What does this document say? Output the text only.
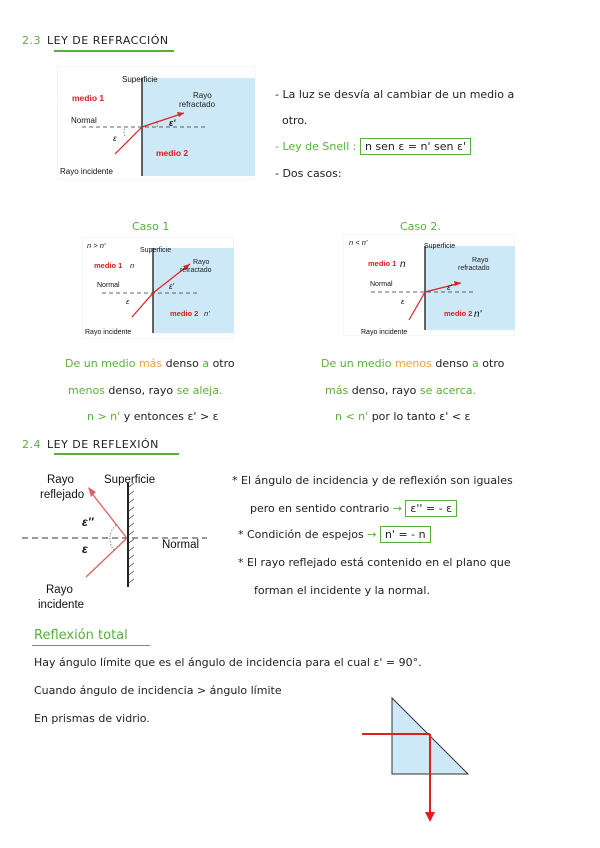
2.3 LEY DE REFRACCIÓN
Superficie
Rayo
refractado
medio 1
Normal
ε
ε'
medio 2
Rayo incidente
- La luz se desvía al cambiar de un medio a
otro.
- Ley de Snell : n sen ε = n' sen ε'
- Dos casos:
Caso 1
n > n'
Superficie
Rayo
refractado
medio 1 n
Normal
ε
ε'
medio 2 n'
Rayo incidente
De un medio más denso a otro
menos denso, rayo se aleja.
n > n' y entonces ε' > ε
Caso 2.
n < n'	Superficie
Rayo
refractado
medio 1 n
Normal
ε
ε'
medio 2 n'
Rayo incidente
De un medio menos denso a otro
más denso, rayo se acerca.
n < n' por lo tanto ε' < ε
2.4 LEY DE REFLEXIÓN
Rayo
reflejado
Superficie
ε''
ε	Normal
Rayo
incidente
* El ángulo de incidencia y de reflexión son iguales
pero en sentido contrario → ε'' = - ε
* Condición de espejos → n' = - n
* El rayo reflejado está contenido en el plano que
forman el incidente y la normal.
Reflexión total
Hay ángulo límite que es el ángulo de incidencia para el cual ε' = 90°.
Cuando ángulo de incidencia > ángulo límite
En prismas de vidrio.
